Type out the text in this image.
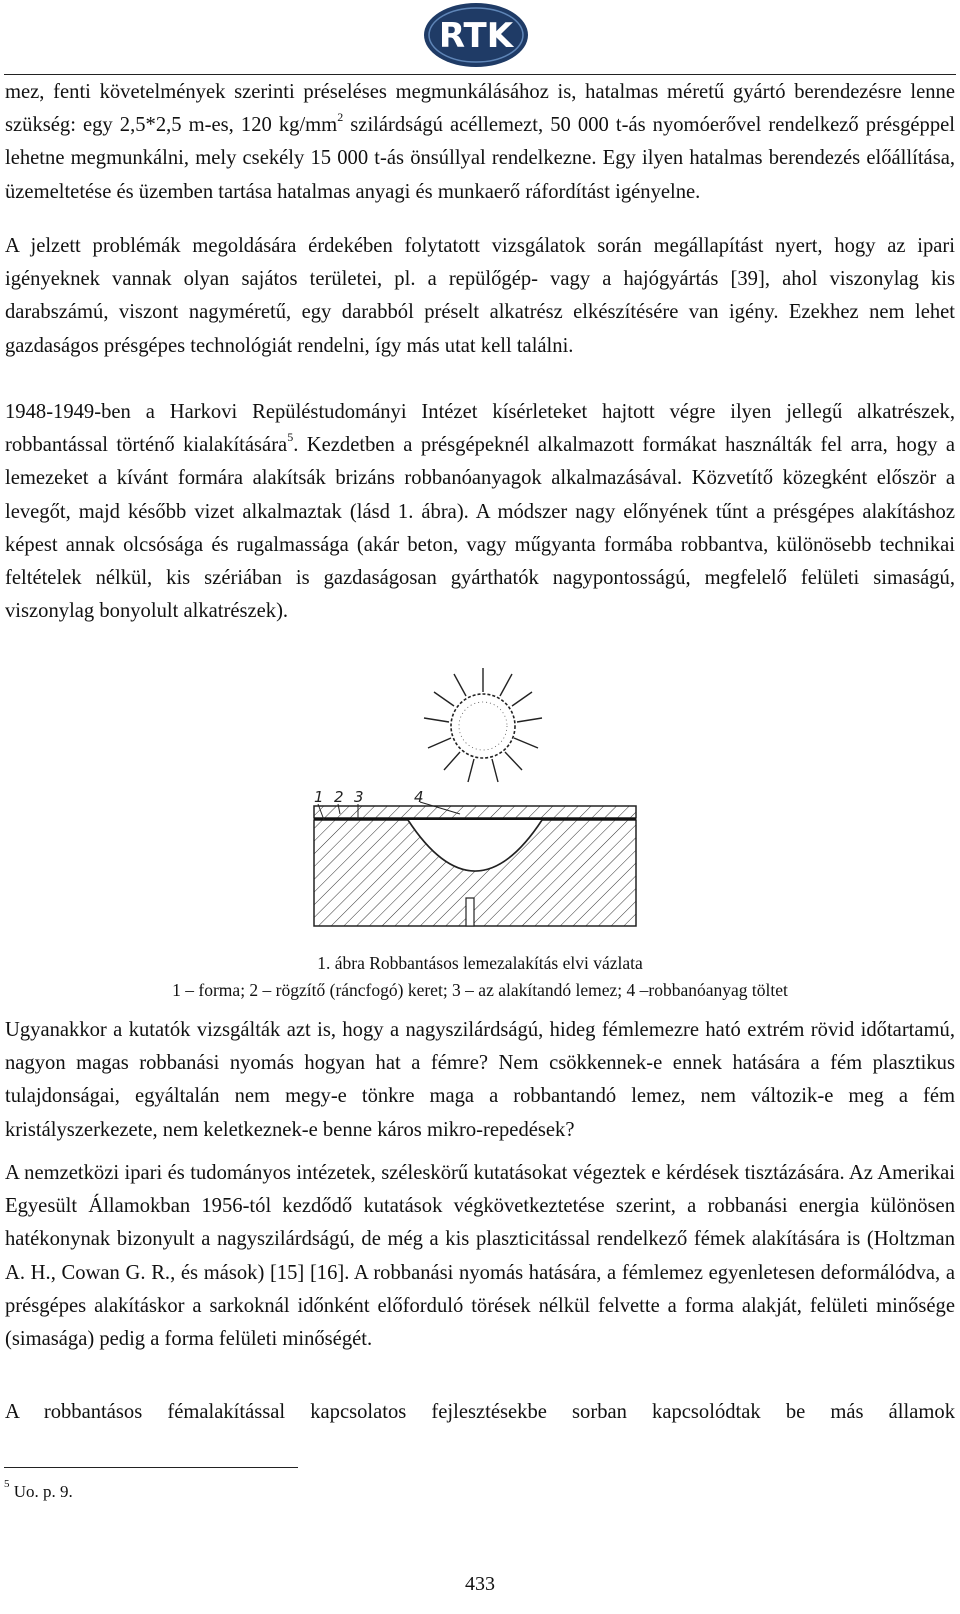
RTK

mez, fenti követelmények szerinti préseléses megmunkálásához is, hatalmas méretű gyártó berendezésre lenne szükség: egy 2,5*2,5 m-es, 120 $kg/mm^2$ szilárdságú acéllemezt, 50 000 t-ás nyomóerővel rendelkező présgéppel lehetne megmunkálni, mely csekély 15 000 t-ás önsúllyal rendelkezne. Egy ilyen hatalmas berendezés előállítása, üzemeltetése és üzemben tartása hatalmas anyagi és munkaerő ráfordítást igényelne.

A jelzett problémák megoldására érdekében folytatott vizsgálatok során megállapítást nyert, hogy az ipari igényeknek vannak olyan sajátos területei, pl. a repülőgép- vagy a hajógyártás [39], ahol viszonylag kis darabszámú, viszont nagyméretű, egy darabból préselt alkatrész elkészítésére van igény. Ezekhez nem lehet gazdaságos présgépes technológiát rendelni, így más utat kell találni.

1948-1949-ben a Harkovi Repüléstudományi Intézet kísérleteket hajtott végre ilyen jellegű alkatrészek, robbantással történő kialakítására$^5$. Kezdetben a présgépeknél alkalmazott formákat használták fel arra, hogy a lemezeket a kívánt formára alakítsák brizáns robbanóanyagok alkalmazásával. Közvetítő közegként először a levegőt, majd később vizet alkalmaztak (lásd 1. ábra). A módszer nagy előnyének tűnt a présgépes alakításhoz képest annak olcsósága és rugalmassága (akár beton, vagy műgyanta formába robbantva, különösebb technikai feltételek nélkül, kis szériában is gazdaságosan gyárthatók nagypontosságú, megfelelő felületi simaságú, viszonylag bonyolult alkatrészek).

1 2 3	4
1. ábra Robbantásos lemezalakítás elvi vázlata
1 – forma; 2 – rögzítő (ráncfogó) keret; 3 – az alakítandó lemez; 4 –robbanóanyag töltet

Ugyanakkor a kutatók vizsgálták azt is, hogy a nagyszilárdságú, hideg fémlemezre ható extrém rövid időtartamú, nagyon magas robbanási nyomás hogyan hat a fémre? Nem csökkennek-e ennek hatására a fém plasztikus tulajdonságai, egyáltalán nem megy-e tönkre maga a robbantandó lemez, nem változik-e meg a fém kristályszerkezete, nem keletkeznek-e benne káros mikro-repedések?

A nemzetközi ipari és tudományos intézetek, széleskörű kutatásokat végeztek e kérdések tisztázására. Az Amerikai Egyesült Államokban 1956-tól kezdődő kutatások végkövetkeztetése szerint, a robbanási energia különösen hatékonynak bizonyult a nagyszilárdságú, de még a kis plaszticitással rendelkező fémek alakítására is (Holtzman A. H., Cowan G. R., és mások) [15] [16]. A robbanási nyomás hatására, a fémlemez egyenletesen deformálódva, a présgépes alakításkor a sarkoknál időnként előforduló törések nélkül felvette a forma alakját, felületi minősége (simasága) pedig a forma felületi minőségét.

A robbantásos fémalakítással kapcsolatos fejlesztésekbe sorban kapcsolódtak be más államok

$^5$ Uo. p. 9.
433
